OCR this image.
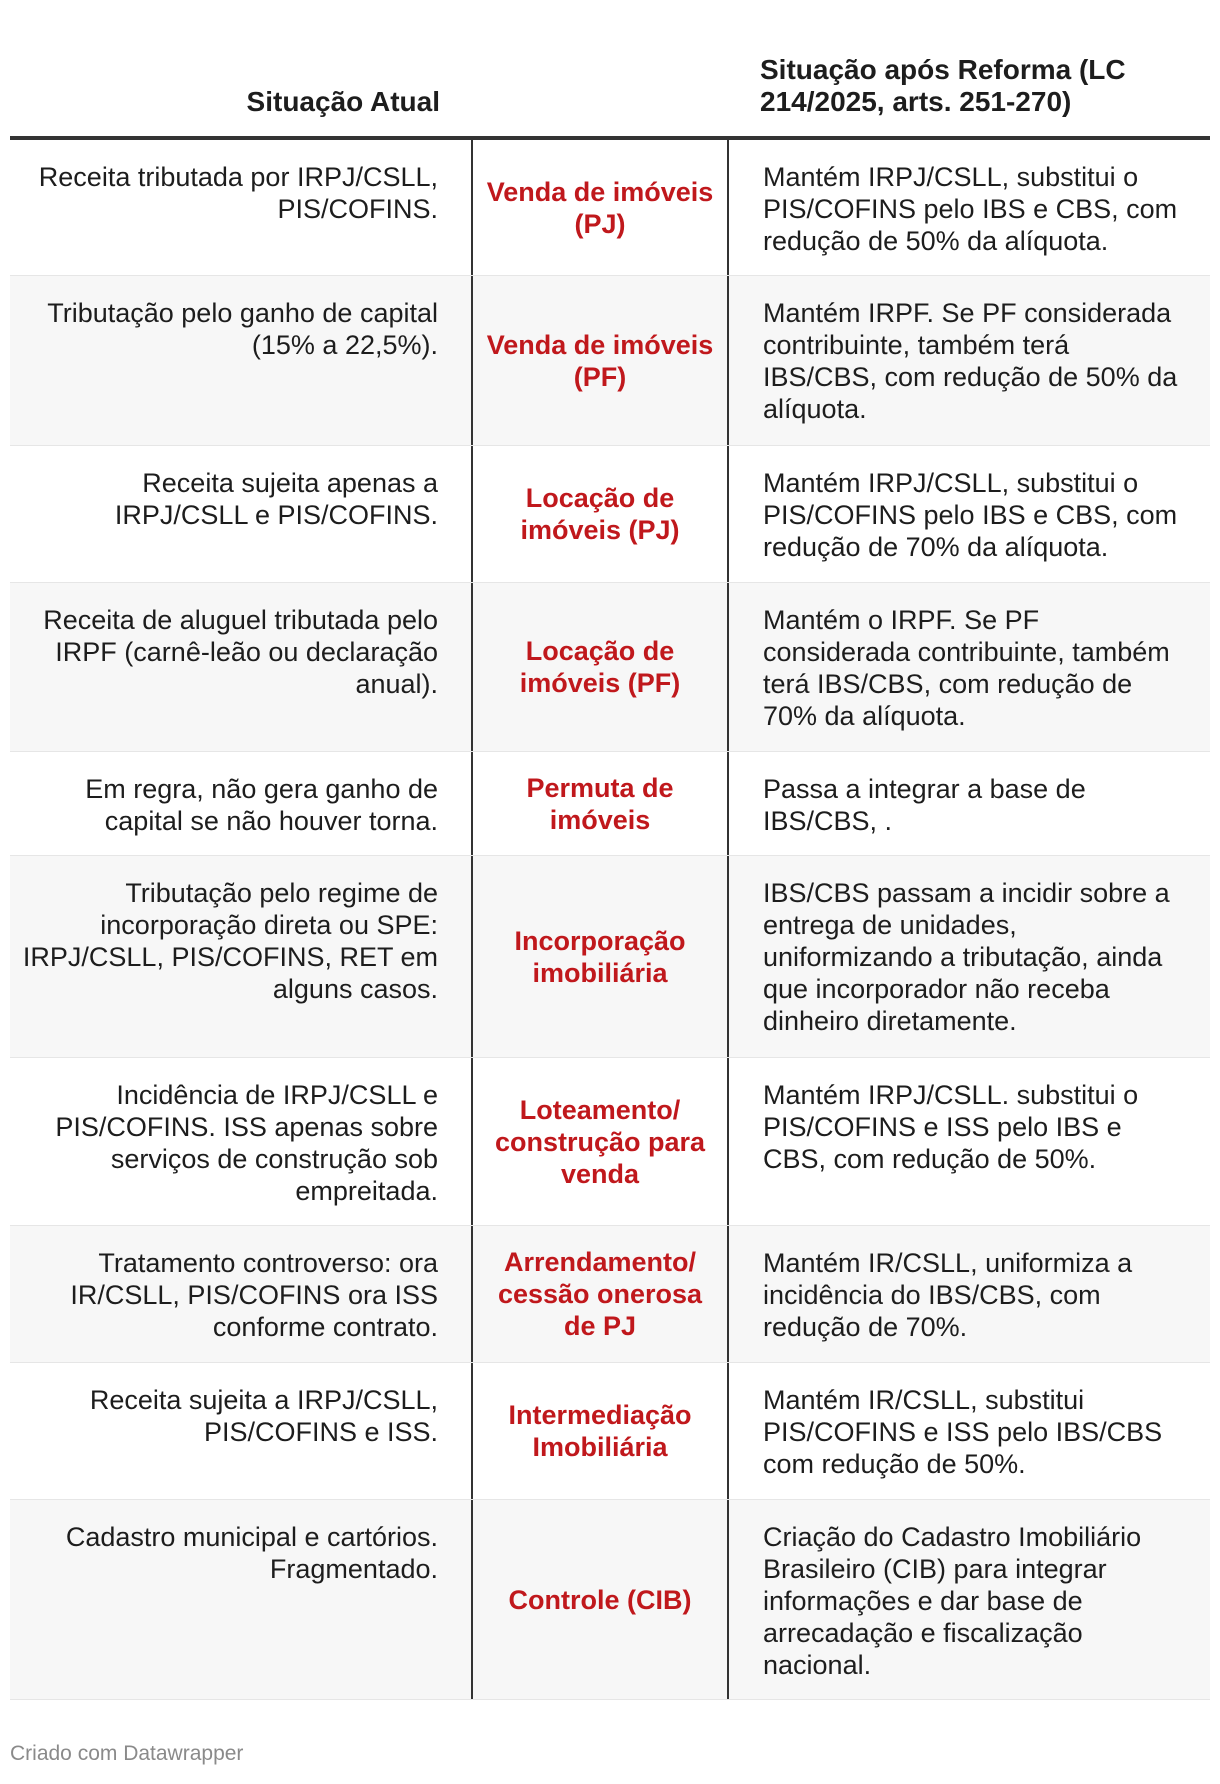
Situação Atual
Situação após Reforma (LC 214/2025, arts. 251-270)
Receita tributada por IRPJ/CSLL, PIS/COFINS.
Venda de imóveis (PJ)
Mantém IRPJ/CSLL, substitui o PIS/COFINS pelo IBS e CBS, com redução de 50% da alíquota.
Tributação pelo ganho de capital (15% a 22,5%).	Venda de imóveis (PF)
Mantém IRPF. Se PF considerada contribuinte, também terá IBS/CBS, com redução de 50% da alíquota.
Receita sujeita apenas a IRPJ/CSLL e PIS/COFINS.
Locação de imóveis (PJ)
Mantém IRPJ/CSLL, substitui o PIS/COFINS pelo IBS e CBS, com redução de 70% da alíquota.
Receita de aluguel tributada pelo IRPF (carnê-leão ou declaração anual).
Locação de imóveis (PF)
Mantém o IRPF. Se PF considerada contribuinte, também terá IBS/CBS, com redução de 70% da alíquota.
Em regra, não gera ganho de capital se não houver torna.
Permuta de imóveis
Passa a integrar a base de IBS/CBS, .
Tributação pelo regime de incorporação direta ou SPE: IRPJ/CSLL, PIS/COFINS, RET em alguns casos.
Incorporação imobiliária
IBS/CBS passam a incidir sobre a entrega de unidades, uniformizando a tributação, ainda que incorporador não receba dinheiro diretamente.
Incidência de IRPJ/CSLL e PIS/COFINS. ISS apenas sobre serviços de construção sob empreitada.
Loteamento/ construção para venda
Mantém IRPJ/CSLL. substitui o PIS/COFINS e ISS pelo IBS e CBS, com redução de 50%.
Tratamento controverso: ora IR/CSLL, PIS/COFINS ora ISS conforme contrato.
Arrendamento/ cessão onerosa de PJ
Mantém IR/CSLL, uniformiza a incidência do IBS/CBS, com redução de 70%.
Receita sujeita a IRPJ/CSLL, PIS/COFINS e ISS.
Intermediação Imobiliária
Mantém IR/CSLL, substitui PIS/COFINS e ISS pelo IBS/CBS com redução de 50%.
Cadastro municipal e cartórios. Fragmentado.
Controle (CIB)
Criação do Cadastro Imobiliário Brasileiro (CIB) para integrar informações e dar base de arrecadação e fiscalização nacional.
Criado com Datawrapper
